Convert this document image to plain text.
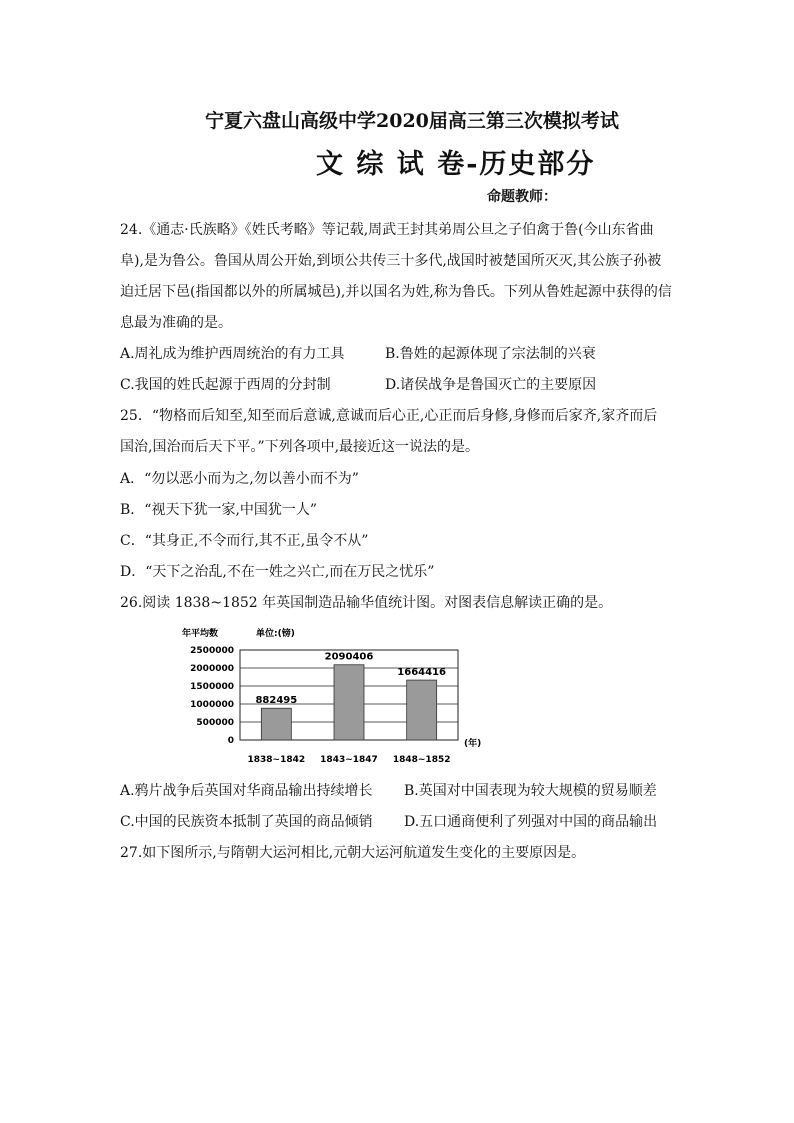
宁夏六盘山高级中学2020届高三第三次模拟考试
文 综 试 卷-历史部分
命题教师：
24.《通志·氏族略》《姓氏考略》等记载,周武王封其弟周公旦之子伯禽于鲁(今山东省曲
阜),是为鲁公。鲁国从周公开始,到顷公共传三十多代,战国时被楚国所灭灭,其公族子孙被
迫迁居下邑(指国都以外的所属城邑),并以国名为姓,称为鲁氏。下列从鲁姓起源中获得的信
息最为准确的是。
A.周礼成为维护西周统治的有力工具	B.鲁姓的起源体现了宗法制的兴衰
C.我国的姓氏起源于西周的分封制	D.诸侯战争是鲁国灭亡的主要原因
25．“物格而后知至,知至而后意诚,意诚而后心正,心正而后身修,身修而后家齐,家齐而后
国治,国治而后天下平。”下列各项中,最接近这一说法的是。
A．“勿以恶小而为之,勿以善小而不为”
B．“视天下犹一家,中国犹一人”
C．“其身正,不令而行,其不正,虽令不从”
D．“天下之治乱,不在一姓之兴亡,而在万民之忧乐”
26.阅读 1838~1852 年英国制造品输华值统计图。对图表信息解读正确的是。
年平均数	单位:(镑)
0
500000
1000000
1500000
2000000
2500000
882495
1838~1842
2090406
1843~1847
1664416
1848~1852
(年)
A.鸦片战争后英国对华商品输出持续增长 B.英国对中国表现为较大规模的贸易顺差
C.中国的民族资本抵制了英国的商品倾销 D.五口通商便利了列强对中国的商品输出
27.如下图所示,与隋朝大运河相比,元朝大运河航道发生变化的主要原因是。
